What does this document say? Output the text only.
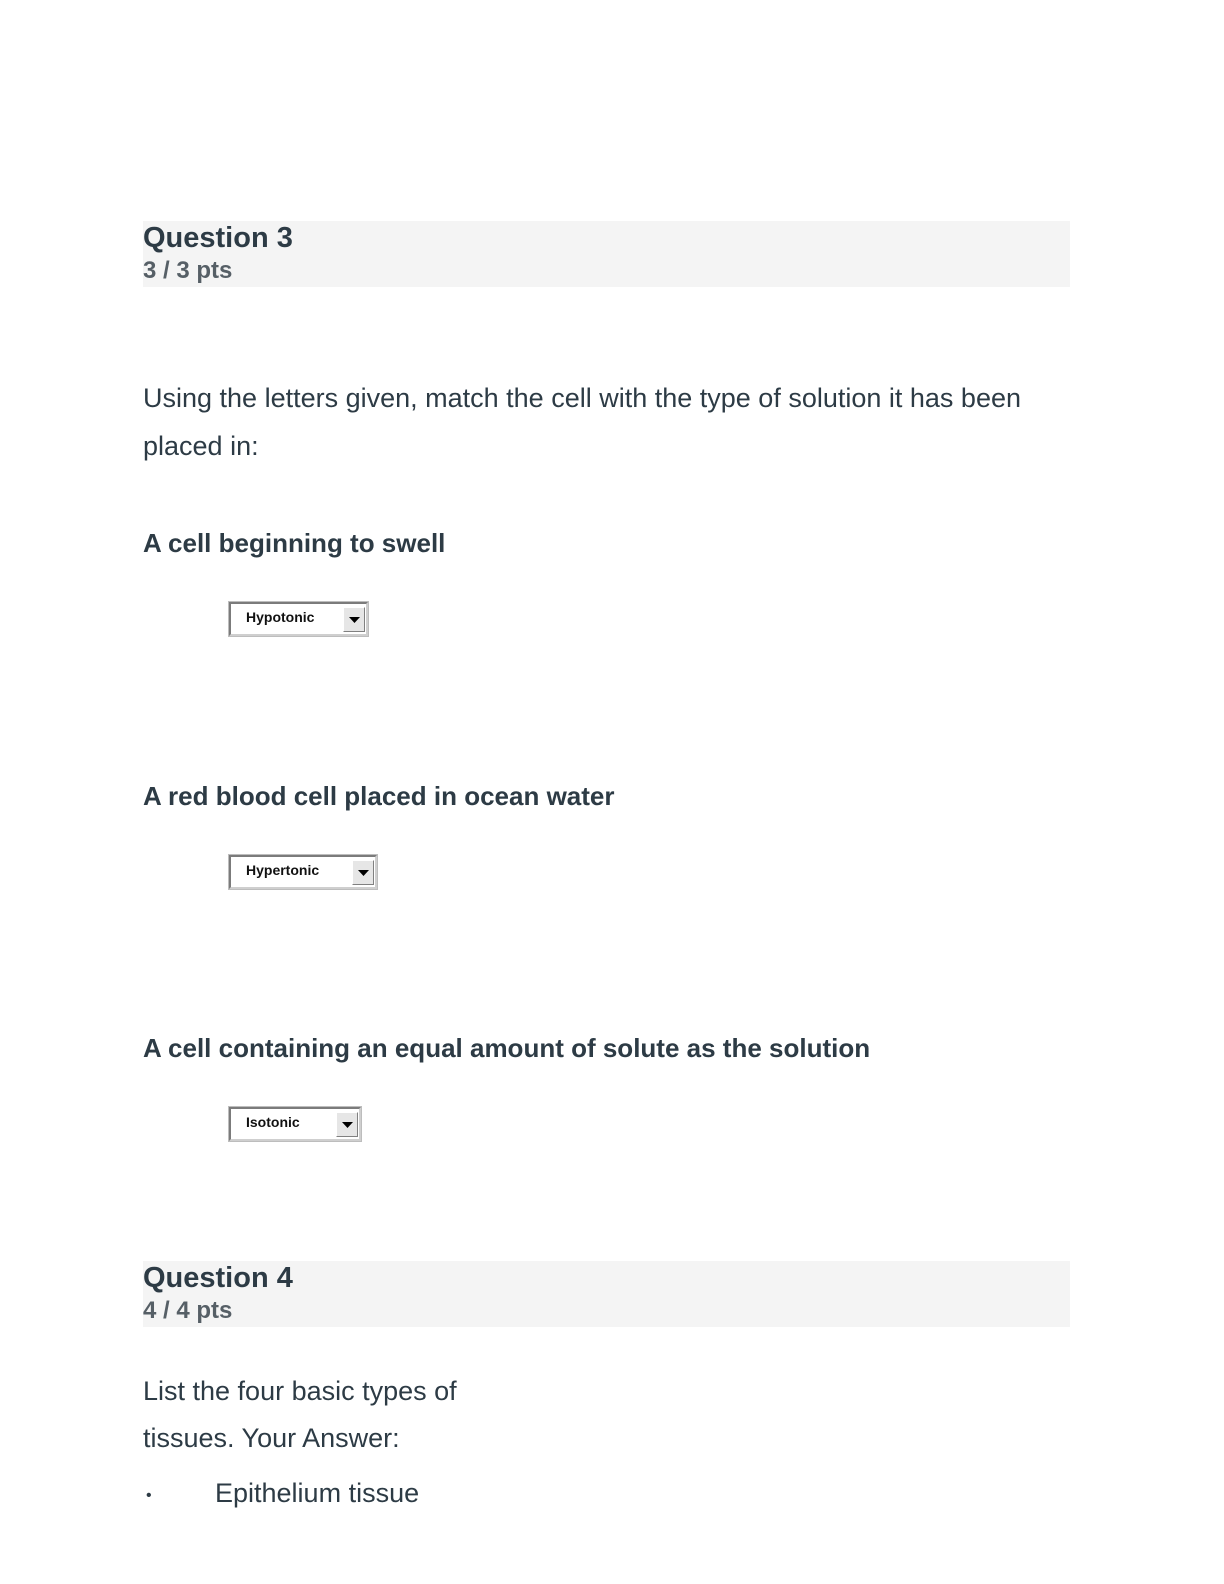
Question 3
3 / 3 pts
Using the letters given, match the cell with the type of solution it has been
placed in:
A cell beginning to swell
Hypotonic
A red blood cell placed in ocean water
Hypertonic
A cell containing an equal amount of solute as the solution
Isotonic
Question 4
4 / 4 pts
List the four basic types of
tissues. Your Answer:
• Epithelium tissue
